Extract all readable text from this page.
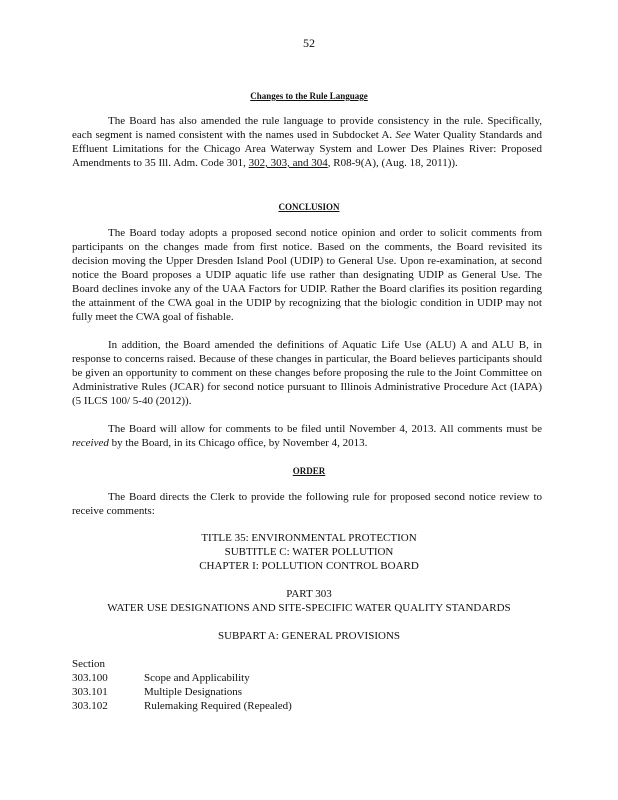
52
Changes to the Rule Language

The Board has also amended the rule language to provide consistency in the rule. Specifically, each segment is named consistent with the names used in Subdocket A. See Water Quality Standards and Effluent Limitations for the Chicago Area Waterway System and Lower Des Plaines River: Proposed Amendments to 35 Ill. Adm. Code 301, 302, 303, and 304, R08-9(A), (Aug. 18, 2011)).

CONCLUSION

The Board today adopts a proposed second notice opinion and order to solicit comments from participants on the changes made from first notice. Based on the comments, the Board revisited its decision moving the Upper Dresden Island Pool (UDIP) to General Use. Upon re-examination, at second notice the Board proposes a UDIP aquatic life use rather than designating UDIP as General Use. The Board declines invoke any of the UAA Factors for UDIP. Rather the Board clarifies its position regarding the attainment of the CWA goal in the UDIP by recognizing that the biologic condition in UDIP may not fully meet the CWA goal of fishable.

In addition, the Board amended the definitions of Aquatic Life Use (ALU) A and ALU B, in response to concerns raised. Because of these changes in particular, the Board believes participants should be given an opportunity to comment on these changes before proposing the rule to the Joint Committee on Administrative Rules (JCAR) for second notice pursuant to Illinois Administrative Procedure Act (IAPA) (5 ILCS 100/ 5-40 (2012)).

The Board will allow for comments to be filed until November 4, 2013. All comments must be received by the Board, in its Chicago office, by November 4, 2013.

ORDER

The Board directs the Clerk to provide the following rule for proposed second notice review to receive comments:

TITLE 35: ENVIRONMENTAL PROTECTION
SUBTITLE C: WATER POLLUTION
CHAPTER I: POLLUTION CONTROL BOARD
PART 303
WATER USE DESIGNATIONS AND SITE-SPECIFIC WATER QUALITY STANDARDS
SUBPART A: GENERAL PROVISIONS
Section
303.100	Scope and Applicability
303.101	Multiple Designations
303.102	Rulemaking Required (Repealed)
